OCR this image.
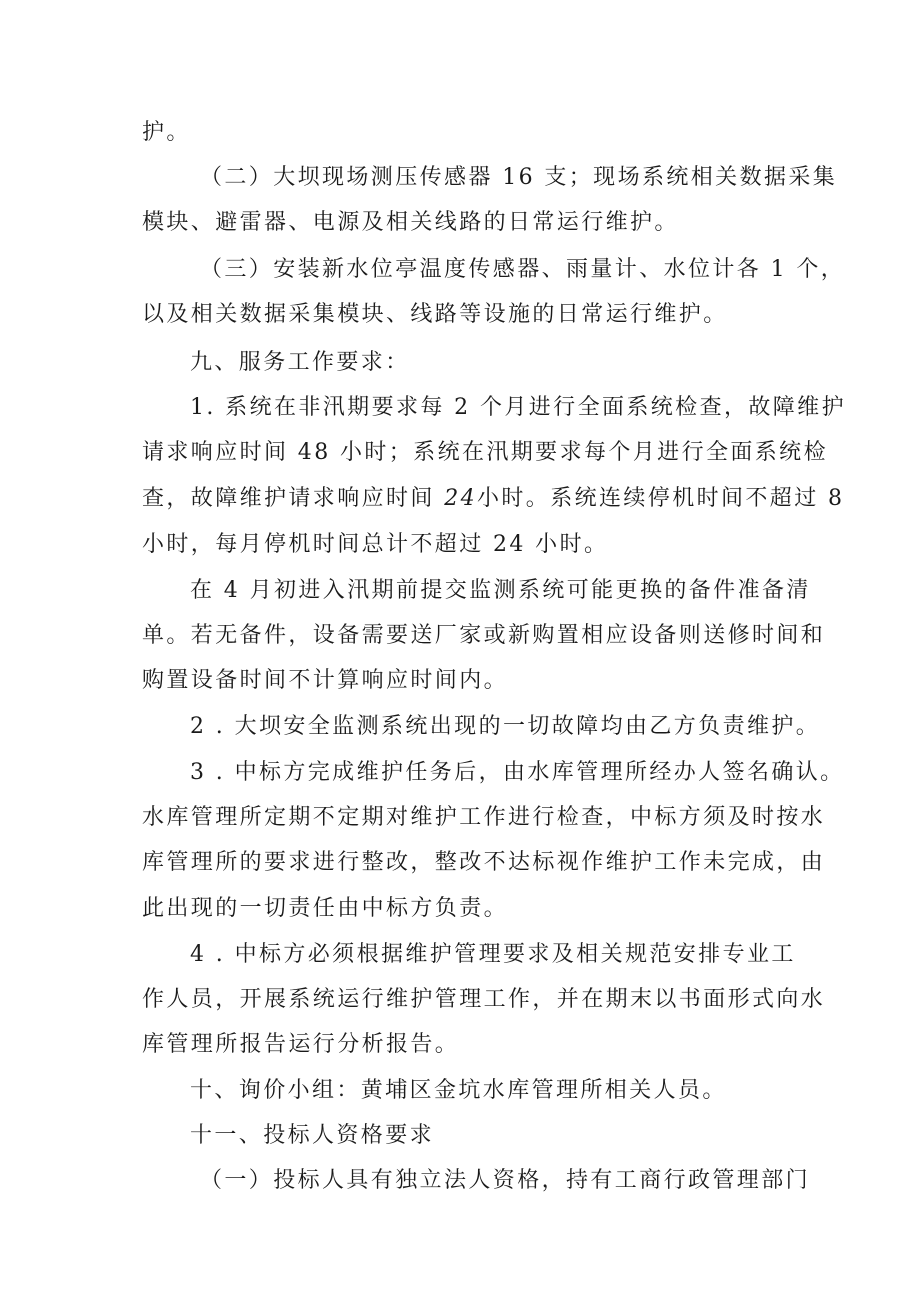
护。
（二）大坝现场测压传感器 16 支；现场系统相关数据采集
模块、避雷器、电源及相关线路的日常运行维护。
（三）安装新水位亭温度传感器、雨量计、水位计各 1 个，
以及相关数据采集模块、线路等设施的日常运行维护。
九、服务工作要求：
1. 系统在非汛期要求每 2 个月进行全面系统检查，故障维护
请求响应时间 48 小时；系统在汛期要求每个月进行全面系统检
查，故障维护请求响应时间 24小时。系统连续停机时间不超过 8
小时，每月停机时间总计不超过 24 小时。
在 4 月初进入汛期前提交监测系统可能更换的备件准备清
单。若无备件，设备需要送厂家或新购置相应设备则送修时间和
购置设备时间不计算响应时间内。
2 . 大坝安全监测系统出现的一切故障均由乙方负责维护。
3 . 中标方完成维护任务后，由水库管理所经办人签名确认。
水库管理所定期不定期对维护工作进行检查，中标方须及时按水
库管理所的要求进行整改，整改不达标视作维护工作未完成，由
此出现的一切责任由中标方负责。
4 . 中标方必须根据维护管理要求及相关规范安排专业工
作人员，开展系统运行维护管理工作，并在期末以书面形式向水
库管理所报告运行分析报告。
十、询价小组：黄埔区金坑水库管理所相关人员。
十一、投标人资格要求
（一）投标人具有独立法人资格，持有工商行政管理部门
